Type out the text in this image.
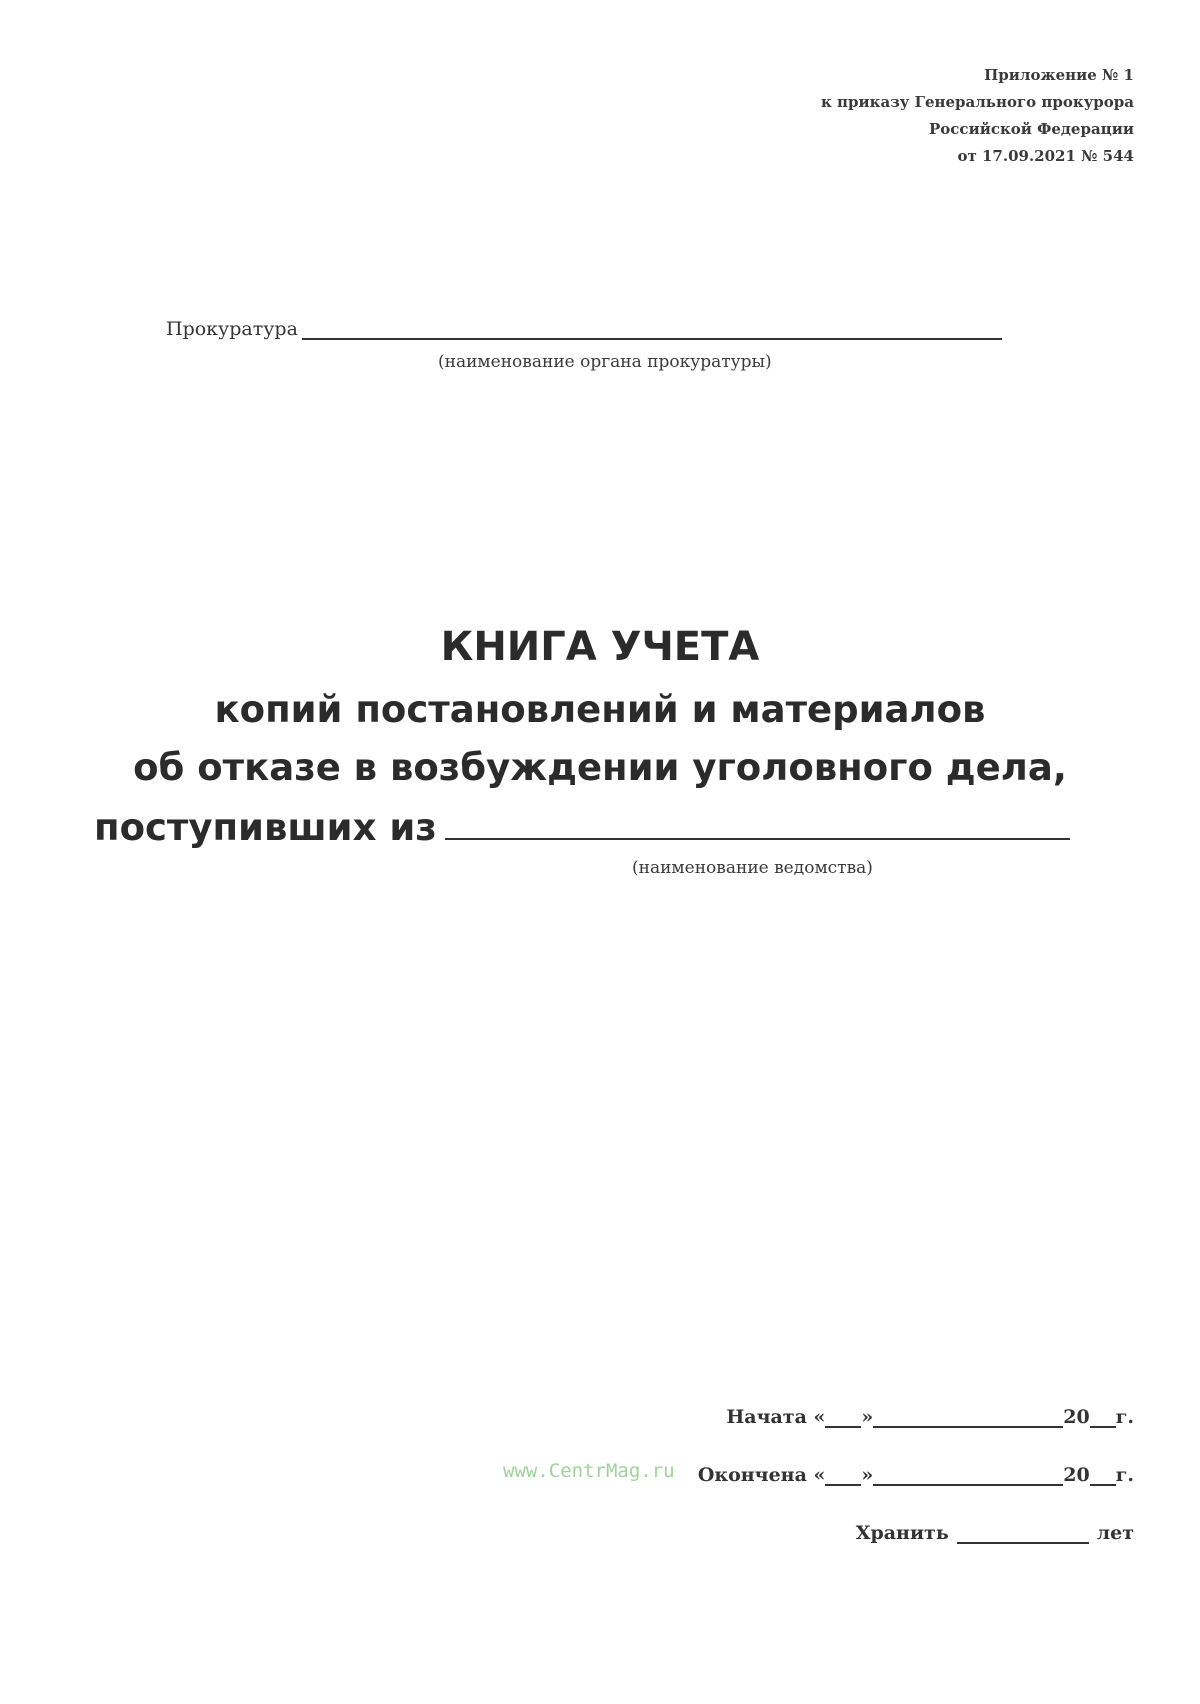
Приложение № 1
к приказу Генерального прокурора
Российской Федерации
от 17.09.2021 № 544
Прокуратура
(наименование органа прокуратуры)
КНИГА УЧЕТА
копий постановлений и материалов
об отказе в возбуждении уголовного дела,
поступивших из
(наименование ведомства)
Начата « »	20 г.
www.CentrMag.ru Окончена « »	20 г.
Хранить	лет
